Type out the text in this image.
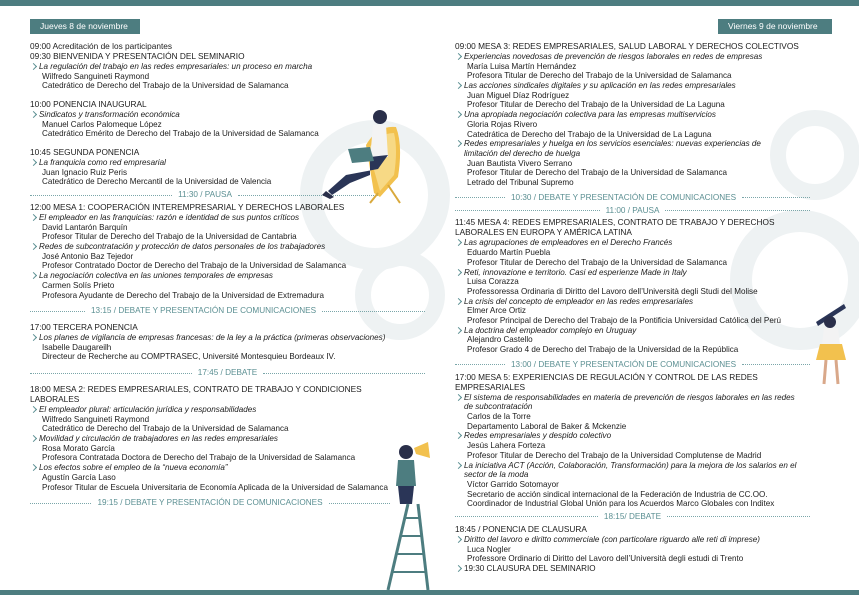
Jueves 8 de noviembre	Viernes 9 de noviembre
09:00 Acreditación de los participantes
09:30 BIENVENIDA Y PRESENTACIÓN DEL SEMINARIO
La regulación del trabajo en las redes empresariales: un proceso en marcha
Wilfredo Sanguineti Raymond
Catedrático de Derecho del Trabajo de la Universidad de Salamanca
10:00 PONENCIA INAUGURAL
Sindicatos y transformación económica
Manuel Carlos Palomeque López
Catedrático Emérito de Derecho del Trabajo de la Universidad de Salamanca
10:45 SEGUNDA PONENCIA
La franquicia como red empresarial
Juan Ignacio Ruiz Peris
Catedrático de Derecho Mercantil de la Universidad de Valencia
11:30 / PAUSA
12:00 MESA 1: COOPERACIÓN INTEREMPRESARIAL Y DERECHOS LABORALES
El empleador en las franquicias: razón e identidad de sus puntos críticos
David Lantarón Barquín
Profesor Titular de Derecho del Trabajo de la Universidad de Cantabria
Redes de subcontratación y protección de datos personales de los trabajadores
José Antonio Baz Tejedor
Profesor Contratado Doctor de Derecho del Trabajo de la Universidad de Salamanca
La negociación colectiva en las uniones temporales de empresas
Carmen Solís Prieto
Profesora Ayudante de Derecho del Trabajo de la Universidad de Extremadura
13:15 / DEBATE Y PRESENTACIÓN DE COMUNICACIONES
17:00 TERCERA PONENCIA
Los planes de vigilancia de empresas francesas: de la ley a la práctica (primeras observaciones)
Isabelle Daugareilh
Directeur de Recherche au COMPTRASEC, Université Montesquieu Bordeaux IV.
17:45 / DEBATE
18:00 MESA 2: REDES EMPRESARIALES, CONTRATO DE TRABAJO Y CONDICIONES LABORALES
El empleador plural: articulación jurídica y responsabilidades
Wilfredo Sanguineti Raymond
Catedrático de Derecho del Trabajo de la Universidad de Salamanca
Movilidad y circulación de trabajadores en las redes empresariales
Rosa Morato García
Profesora Contratada Doctora de Derecho del Trabajo de la Universidad de Salamanca
Los efectos sobre el empleo de la “nueva economía”
Agustín García Laso
Profesor Titular de Escuela Universitaria de Economía Aplicada de la Universidad de Salamanca
19:15 / DEBATE Y PRESENTACIÓN DE COMUNICACIONES
09:00 MESA 3: REDES EMPRESARIALES, SALUD LABORAL Y DERECHOS COLECTIVOS
Experiencias novedosas de prevención de riesgos laborales en redes de empresas
María Luisa Martín Hernández
Profesora Titular de Derecho del Trabajo de la Universidad de Salamanca
Las acciones sindicales digitales y su aplicación en las redes empresariales
Juan Miguel Díaz Rodríguez
Profesor Titular de Derecho del Trabajo de la Universidad de La Laguna
Una apropiada negociación colectiva para las empresas multiservicios
Gloria Rojas Rivero
Catedrática de Derecho del Trabajo de la Universidad de La Laguna
Redes empresariales y huelga en los servicios esenciales: nuevas experiencias de limitación del derecho de huelga
Juan Bautista Vivero Serrano
Profesor Titular de Derecho del Trabajo de la Universidad de Salamanca
Letrado del Tribunal Supremo
10:30 / DEBATE Y PRESENTACIÓN DE COMUNICACIONES
11:00 / PAUSA
11:45 MESA 4: REDES EMPRESARIALES, CONTRATO DE TRABAJO Y DERECHOS LABORALES EN EUROPA Y AMÉRICA LATINA
Las agrupaciones de empleadores en el Derecho Francés
Eduardo Martín Puebla
Profesor Titular de Derecho del Trabajo de la Universidad de Salamanca
Reti, innovazione e territorio. Casi ed esperienze Made in Italy
Luisa Corazza
Professoressa Ordinaria di Diritto del Lavoro dell’Università degli Studi del Molise
La crisis del concepto de empleador en las redes empresariales
Elmer Arce Ortiz
Profesor Principal de Derecho del Trabajo de la Pontificia Universidad Católica del Perú
La doctrina del empleador complejo en Uruguay
Alejandro Castello
Profesor Grado 4 de Derecho del Trabajo de la Universidad de la República
13:00 / DEBATE Y PRESENTACIÓN DE COMUNICACIONES
17:00 MESA 5: EXPERIENCIAS DE REGULACIÓN Y CONTROL DE LAS REDES EMPRESARIALES
El sistema de responsabilidades en materia de prevención de riesgos laborales en las redes de subcontratación
Carlos de la Torre
Departamento Laboral de Baker & Mckenzie
Redes empresariales y despido colectivo
Jesús Lahera Forteza
Profesor Titular de Derecho del Trabajo de la Universidad Complutense de Madrid
La iniciativa ACT (Acción, Colaboración, Transformación) para la mejora de los salarios en el sector de la moda
Víctor Garrido Sotomayor
Secretario de acción sindical internacional de la Federación de Industria de CC.OO.
Coordinador de Industrial Global Unión para los Acuerdos Marco Globales con Inditex
18:15/ DEBATE
18:45 / PONENCIA DE CLAUSURA
Diritto del lavoro e diritto commerciale (con particolare riguardo alle reti di imprese)
Luca Nogler
Professore Ordinario di Diritto del Lavoro dell’Università degli estudi di Trento
19:30 CLAUSURA DEL SEMINARIO
